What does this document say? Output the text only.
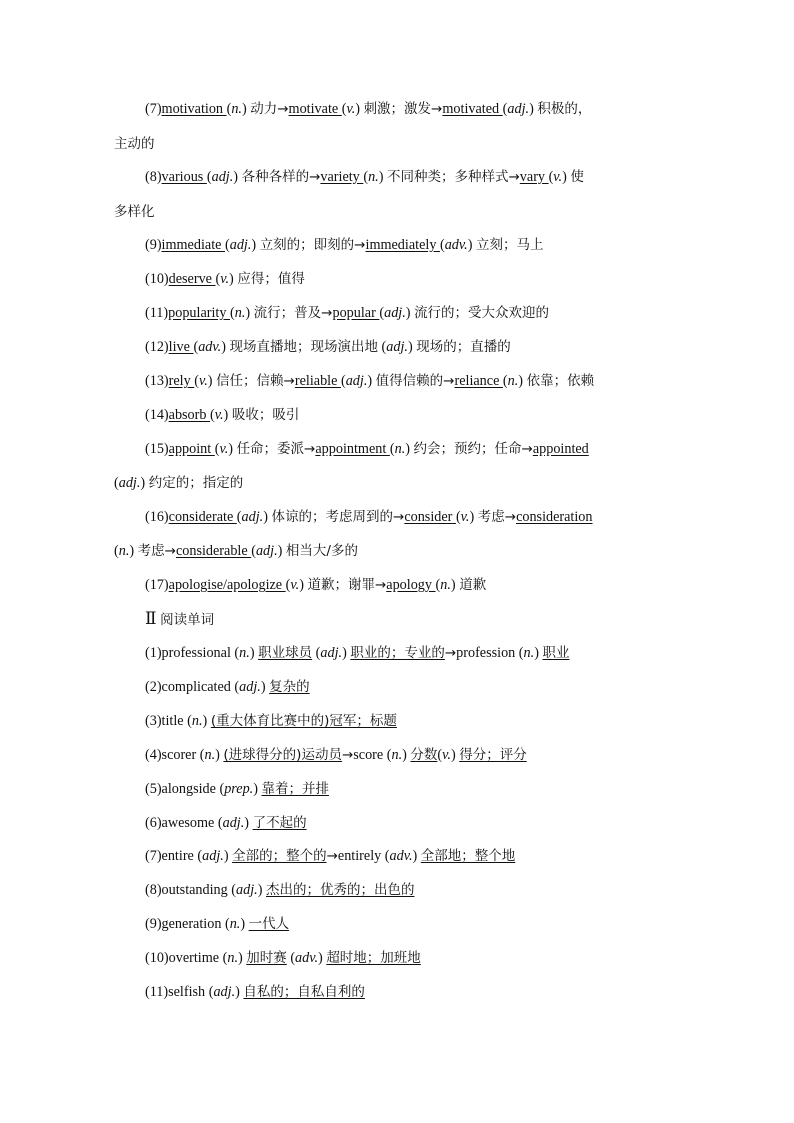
(7)motivation (n.) 动力→motivate (v.) 刺激；激发→motivated (adj.) 积极的，
主动的
(8)various (adj.) 各种各样的→variety (n.) 不同种类；多种样式→vary (v.) 使
多样化
(9)immediate (adj.) 立刻的；即刻的→immediately (adv.) 立刻；马上
(10)deserve (v.) 应得；值得
(11)popularity (n.) 流行；普及→popular (adj.) 流行的；受大众欢迎的
(12)live (adv.) 现场直播地；现场演出地 (adj.) 现场的；直播的
(13)rely (v.) 信任；信赖→reliable (adj.) 值得信赖的→reliance (n.) 依靠；依赖
(14)absorb (v.) 吸收；吸引
(15)appoint (v.) 任命；委派→appointment (n.) 约会；预约；任命→appointed
(adj.) 约定的；指定的
(16)considerate (adj.) 体谅的；考虑周到的→consider (v.) 考虑→consideration
(n.) 考虑→considerable (adj.) 相当大/多的
(17)apologise/apologize (v.) 道歉；谢罪→apology (n.) 道歉
Ⅱ 阅读单词
(1)professional (n.) 职业球员 (adj.) 职业的；专业的→profession (n.) 职业
(2)complicated (adj.) 复杂的
(3)title (n.) (重大体育比赛中的)冠军；标题
(4)scorer (n.) (进球得分的)运动员→score (n.) 分数(v.) 得分；评分
(5)alongside (prep.) 靠着；并排
(6)awesome (adj.) 了不起的
(7)entire (adj.) 全部的；整个的→entirely (adv.) 全部地；整个地
(8)outstanding (adj.) 杰出的；优秀的；出色的
(9)generation (n.) 一代人
(10)overtime (n.) 加时赛 (adv.) 超时地；加班地
(11)selfish (adj.) 自私的；自私自利的
